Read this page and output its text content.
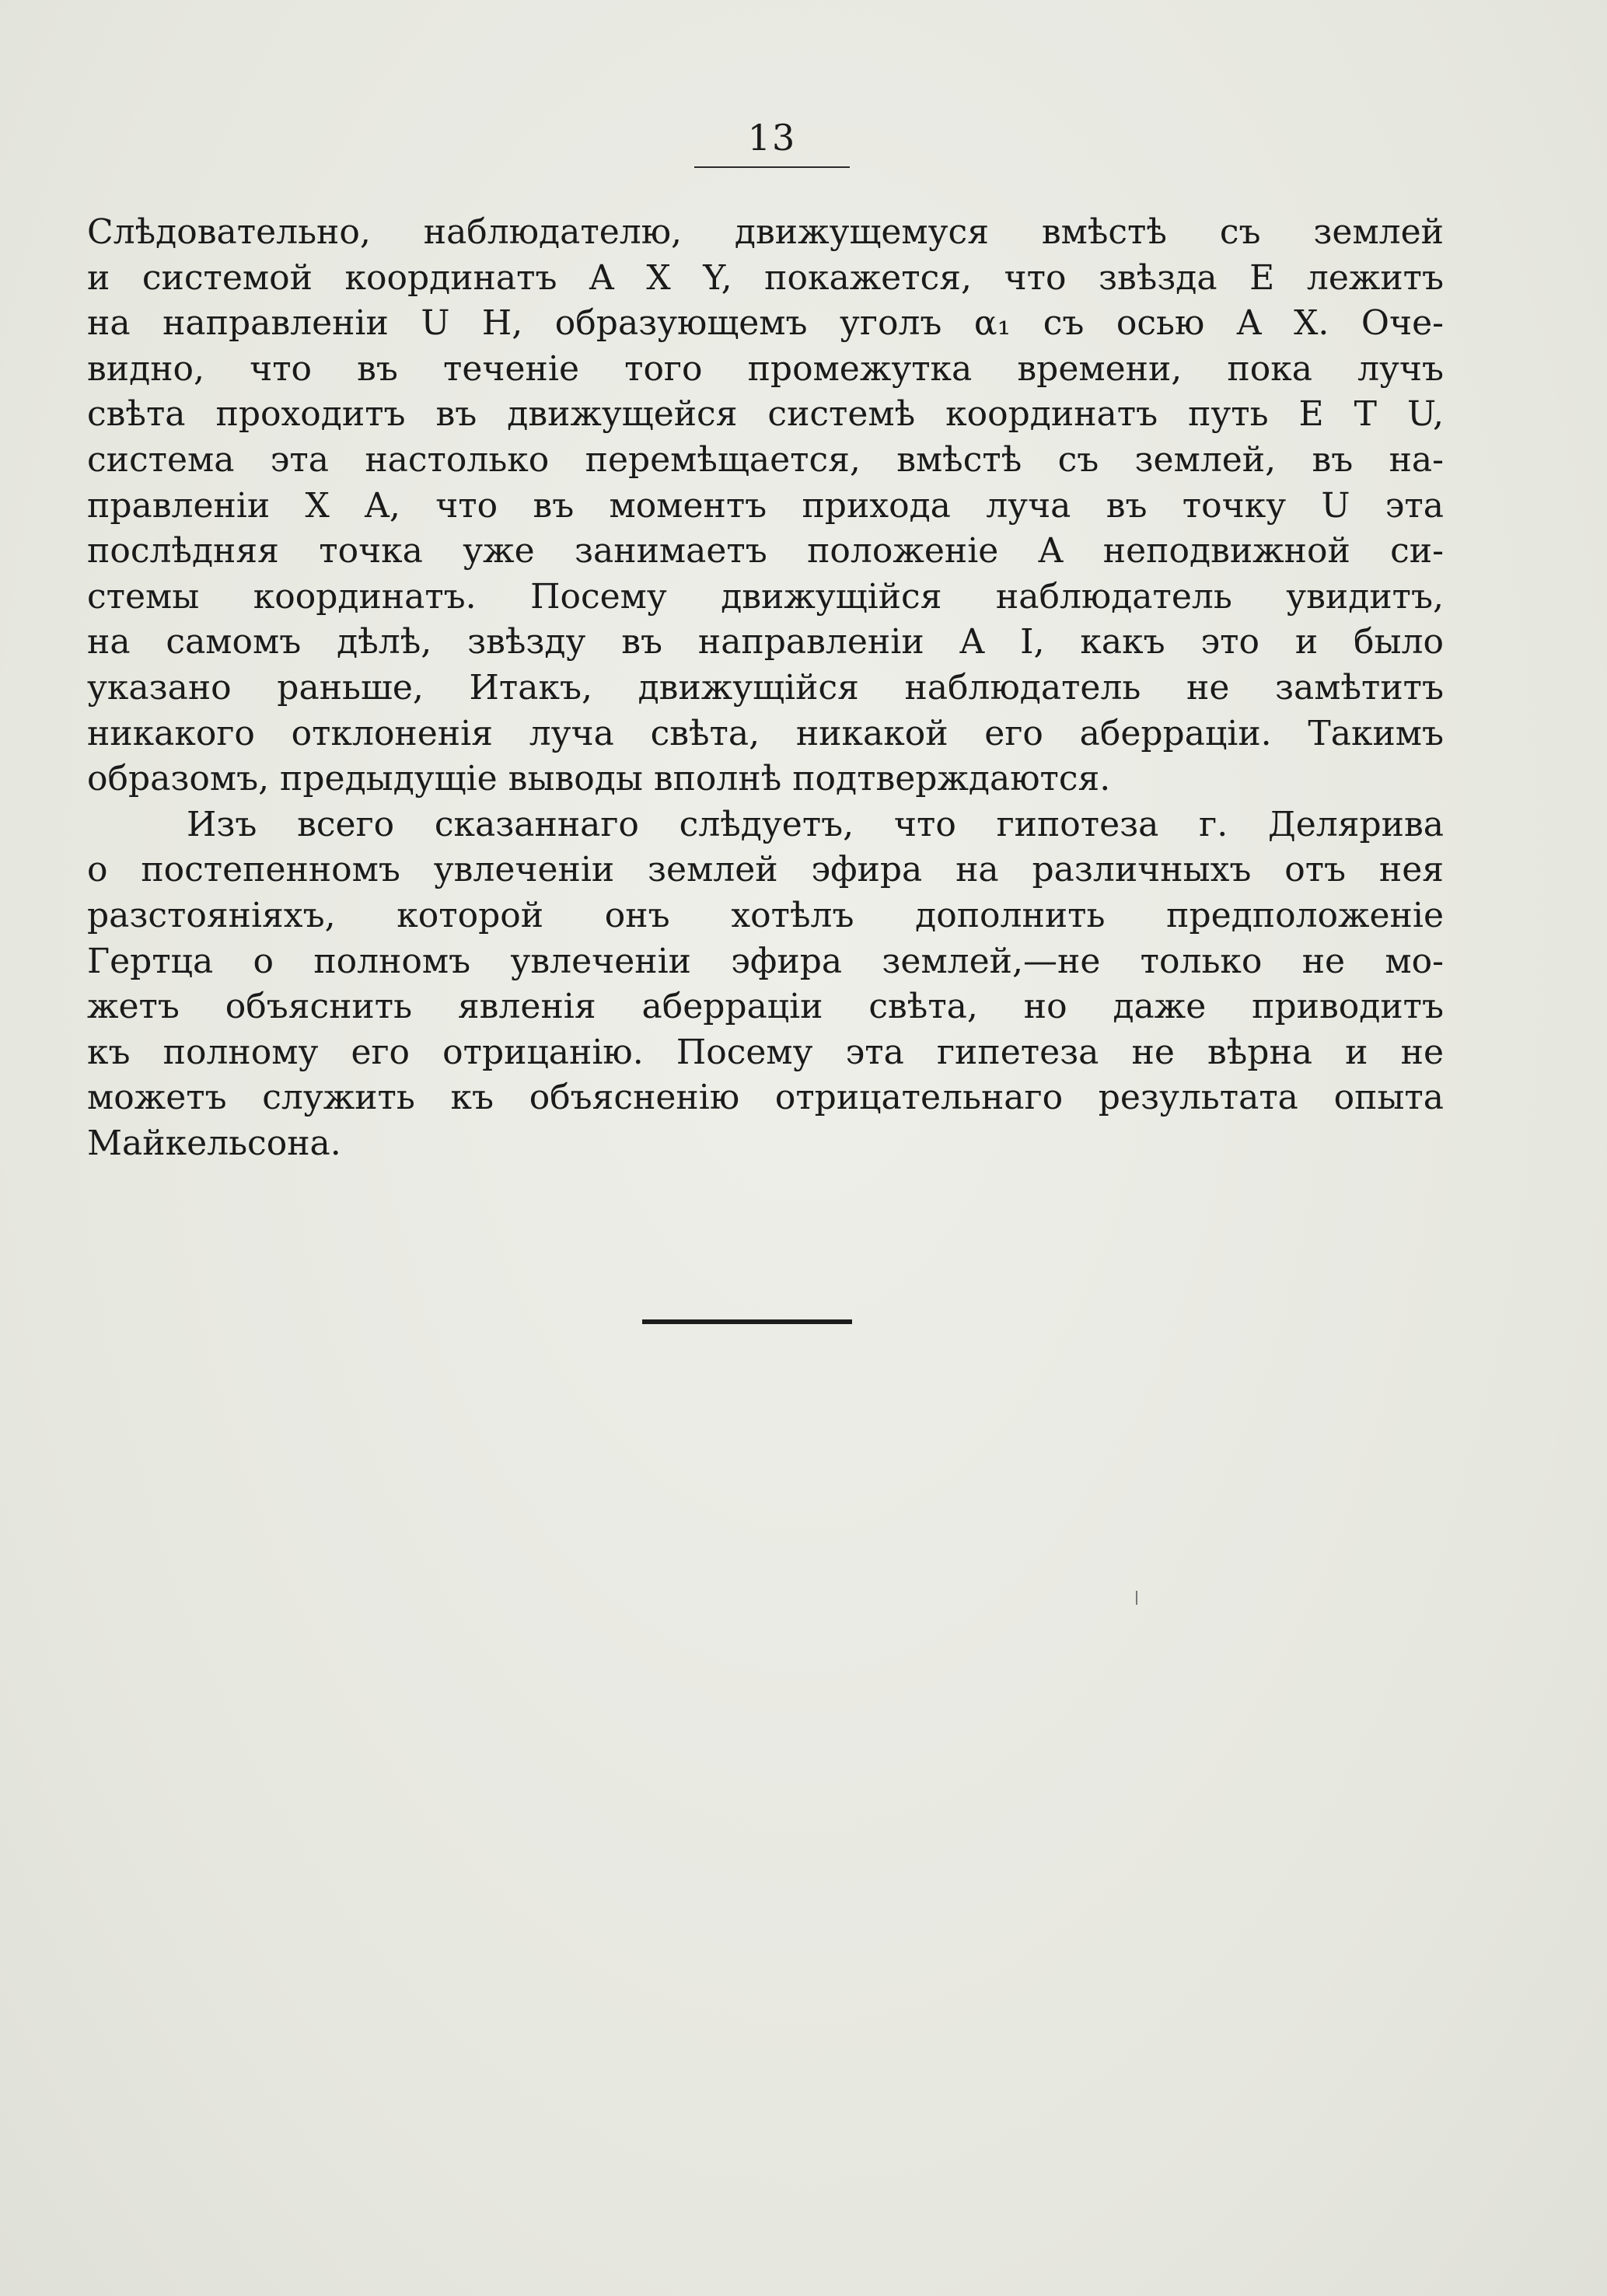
13
Слѣдовательно, наблюдателю, движущемуся вмѣстѣ съ землей
и системой координатъ A X Y, покажется, что звѣзда E лежитъ
на направленіи U H, образующемъ уголъ α₁ съ осью A X. Оче-
видно, что въ теченіе того промежутка времени, пока лучъ
свѣта проходитъ въ движущейся системѣ координатъ путь E T U,
система эта настолько перемѣщается, вмѣстѣ съ землей, въ на-
правленіи X A, что въ моментъ прихода луча въ точку U эта
послѣдняя точка уже занимаетъ положеніе A неподвижной си-
стемы координатъ. Посему движущійся наблюдатель увидитъ,
на самомъ дѣлѣ, звѣзду въ направленіи A I, какъ это и было
указано раньше, Итакъ, движущійся наблюдатель не замѣтитъ
никакого отклоненія луча свѣта, никакой его аберраціи. Такимъ
образомъ, предыдущіе выводы вполнѣ подтверждаются.
Изъ всего сказаннаго слѣдуетъ, что гипотеза г. Делярива
о постепенномъ увлеченіи землей эфира на различныхъ отъ нея
разстояніяхъ, которой онъ хотѣлъ дополнить предположеніе
Гертца о полномъ увлеченіи эфира землей,—не только не мо-
жетъ объяснить явленія аберраціи свѣта, но даже приводитъ
къ полному его отрицанію. Посему эта гипетеза не вѣрна и не
можетъ служить къ объясненію отрицательнаго результата опыта
Майкельсона.
